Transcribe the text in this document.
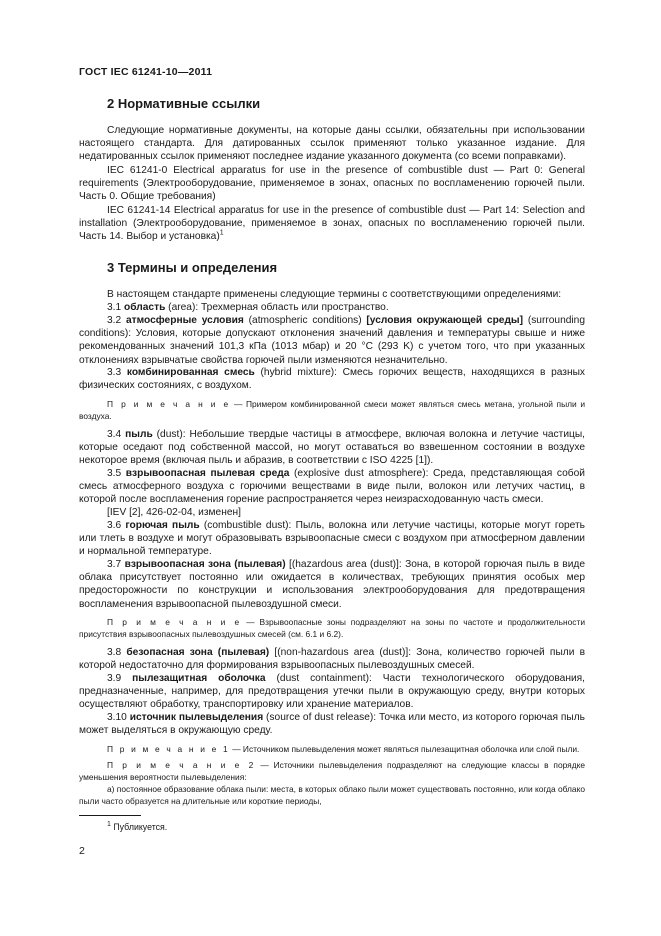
ГОСТ IEC 61241-10—2011
2 Нормативные ссылки
Следующие нормативные документы, на которые даны ссылки, обязательны при использовании настоящего стандарта. Для датированных ссылок применяют только указанное издание. Для недатированных ссылок применяют последнее издание указанного документа (со всеми поправками).
IEC 61241-0 Electrical apparatus for use in the presence of combustible dust — Part 0: General requirements (Электрооборудование, применяемое в зонах, опасных по воспламенению горючей пыли. Часть 0. Общие требования)
IEC 61241-14 Electrical apparatus for use in the presence of combustible dust — Part 14: Selection and installation (Электрооборудование, применяемое в зонах, опасных по воспламенению горючей пыли. Часть 14. Выбор и установка)$^1$
3 Термины и определения
В настоящем стандарте применены следующие термины с соответствующими определениями:
3.1 область (area): Трехмерная область или пространство.
3.2 атмосферные условия (atmospheric conditions) [условия окружающей среды] (surrounding conditions): Условия, которые допускают отклонения значений давления и температуры свыше и ниже рекомендованных значений 101,3 кПа (1013 мбар) и 20 °C (293 K) с учетом того, что при указанных отклонениях взрывчатые свойства горючей пыли изменяются незначительно.
3.3 комбинированная смесь (hybrid mixture): Смесь горючих веществ, находящихся в разных физических состояниях, с воздухом.
П р и м е ч а н и е — Примером комбинированной смеси может являться смесь метана, угольной пыли и воздуха.
3.4 пыль (dust): Небольшие твердые частицы в атмосфере, включая волокна и летучие частицы, которые оседают под собственной массой, но могут оставаться во взвешенном состоянии в воздухе некоторое время (включая пыль и абразив, в соответствии с ISO 4225 [1]).
3.5 взрывоопасная пылевая среда (explosive dust atmosphere): Среда, представляющая собой смесь атмосферного воздуха с горючими веществами в виде пыли, волокон или летучих частиц, в которой после воспламенения горение распространяется через неизрасходованную часть смеси.
[IEV [2], 426-02-04, изменен]
3.6 горючая пыль (combustible dust): Пыль, волокна или летучие частицы, которые могут гореть или тлеть в воздухе и могут образовывать взрывоопасные смеси с воздухом при атмосферном давлении и нормальной температуре.
3.7 взрывоопасная зона (пылевая) [(hazardous area (dust)]: Зона, в которой горючая пыль в виде облака присутствует постоянно или ожидается в количествах, требующих принятия особых мер предосторожности по конструкции и использования электрооборудования для предотвращения воспламенения взрывоопасной пылевоздушной смеси.
П р и м е ч а н и е — Взрывоопасные зоны подразделяют на зоны по частоте и продолжительности присутствия взрывоопасных пылевоздушных смесей (см. 6.1 и 6.2).
3.8 безопасная зона (пылевая) [(non-hazardous area (dust)]: Зона, количество горючей пыли в которой недостаточно для формирования взрывоопасных пылевоздушных смесей.
3.9 пылезащитная оболочка (dust containment): Части технологического оборудования, предназначенные, например, для предотвращения утечки пыли в окружающую среду, внутри которых осуществляют обработку, транспортировку или хранение материалов.
3.10 источник пылевыделения (source of dust release): Точка или место, из которого горючая пыль может выделяться в окружающую среду.
П р и м е ч а н и е 1 — Источником пылевыделения может являться пылезащитная оболочка или слой пыли.
П р и м е ч а н и е 2 — Источники пылевыделения подразделяют на следующие классы в порядке уменьшения вероятности пылевыделения:
а) постоянное образование облака пыли: места, в которых облако пыли может существовать постоянно, или когда облако пыли часто образуется на длительные или короткие периоды,
$^1$ Публикуется.
2
